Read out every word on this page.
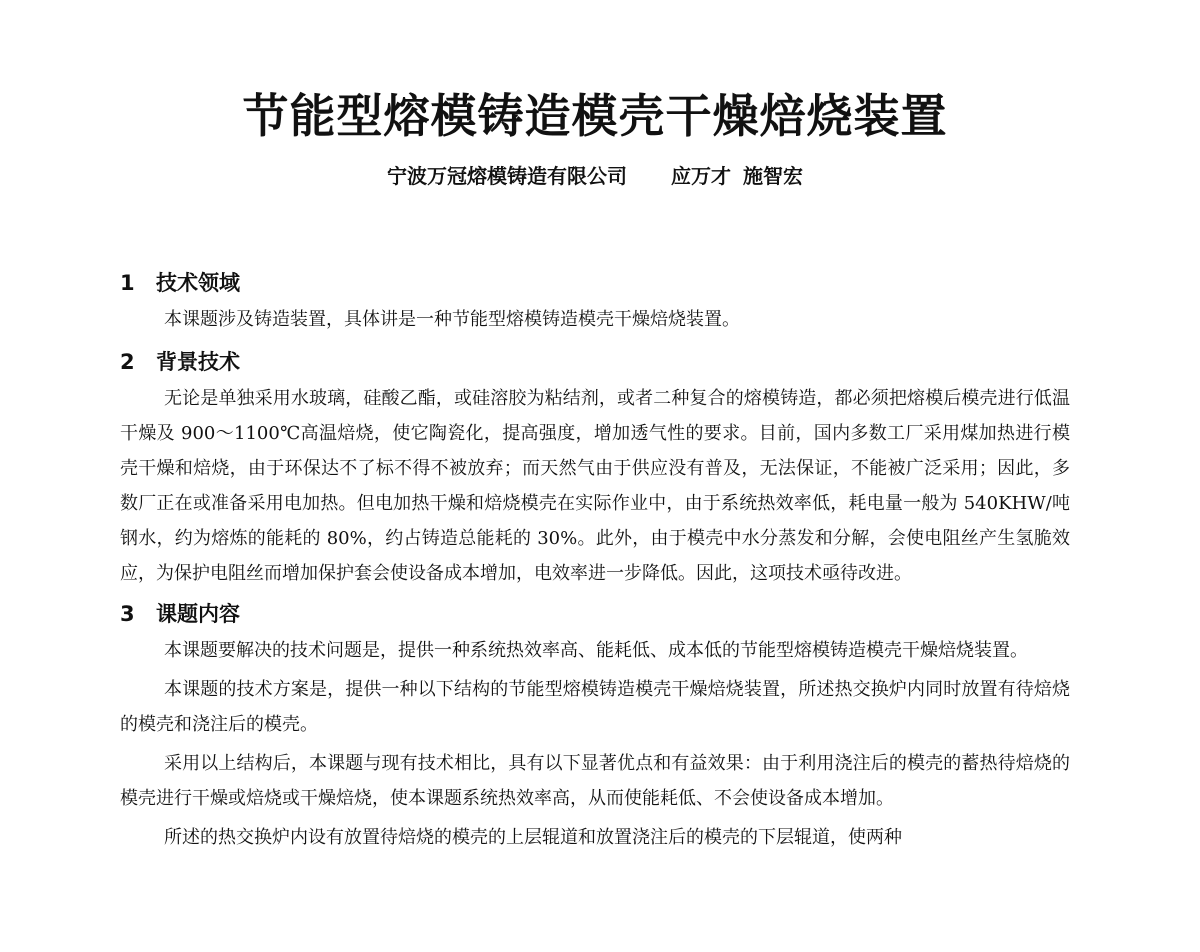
节能型熔模铸造模壳干燥焙烧装置
宁波万冠熔模铸造有限公司 应万才 施智宏
1 技术领域

本课题涉及铸造装置，具体讲是一种节能型熔模铸造模壳干燥焙烧装置。

2 背景技术

无论是单独采用水玻璃，硅酸乙酯，或硅溶胶为粘结剂，或者二种复合的熔模铸造，都必须把熔模后模壳进行低温干燥及 900～1100℃高温焙烧，使它陶瓷化，提高强度，增加透气性的要求。目前，国内多数工厂采用煤加热进行模壳干燥和焙烧，由于环保达不了标不得不被放弃；而天然气由于供应没有普及，无法保证，不能被广泛采用；因此，多数厂正在或准备采用电加热。但电加热干燥和焙烧模壳在实际作业中，由于系统热效率低，耗电量一般为 540KHW/吨钢水，约为熔炼的能耗的 80%，约占铸造总能耗的 30%。此外，由于模壳中水分蒸发和分解，会使电阻丝产生氢脆效应，为保护电阻丝而增加保护套会使设备成本增加，电效率进一步降低。因此，这项技术亟待改进。

3 课题内容

本课题要解决的技术问题是，提供一种系统热效率高、能耗低、成本低的节能型熔模铸造模壳干燥焙烧装置。

本课题的技术方案是，提供一种以下结构的节能型熔模铸造模壳干燥焙烧装置，所述热交换炉内同时放置有待焙烧的模壳和浇注后的模壳。

采用以上结构后，本课题与现有技术相比，具有以下显著优点和有益效果：由于利用浇注后的模壳的蓄热待焙烧的模壳进行干燥或焙烧或干燥焙烧，使本课题系统热效率高，从而使能耗低、不会使设备成本增加。

所述的热交换炉内设有放置待焙烧的模壳的上层辊道和放置浇注后的模壳的下层辊道，使两种
